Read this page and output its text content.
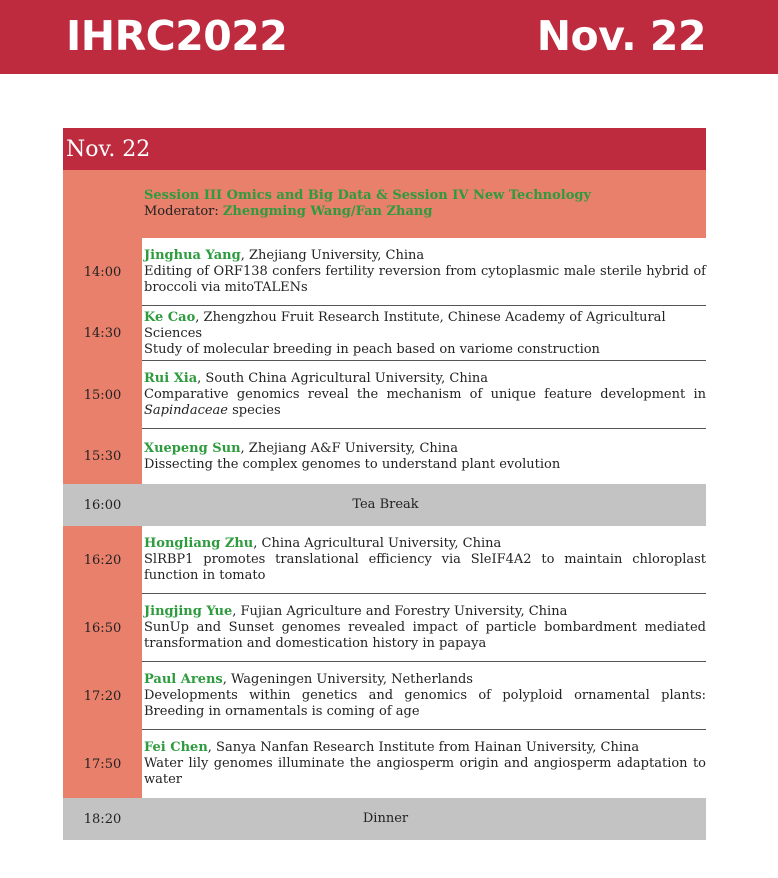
IHRC2022	Nov. 22
Nov. 22
Session III Omics and Big Data & Session IV New Technology
Moderator: Zhengming Wang/Fan Zhang
14:00
Jinghua Yang, Zhejiang University, China
Editing of ORF138 confers fertility reversion from cytoplasmic male sterile hybrid of broccoli via mitoTALENs
14:30
Ke Cao, Zhengzhou Fruit Research Institute, Chinese Academy of Agricultural Sciences
Study of molecular breeding in peach based on variome construction
15:00
Rui Xia, South China Agricultural University, China
Comparative genomics reveal the mechanism of unique feature development in Sapindaceae species
15:30
Xuepeng Sun, Zhejiang A&F University, China
Dissecting the complex genomes to understand plant evolution
16:00	Tea Break
16:20
Hongliang Zhu, China Agricultural University, China
SlRBP1 promotes translational efficiency via SleIF4A2 to maintain chloroplast function in tomato
16:50
Jingjing Yue, Fujian Agriculture and Forestry University, China
SunUp and Sunset genomes revealed impact of particle bombardment mediated transformation and domestication history in papaya
17:20
Paul Arens, Wageningen University, Netherlands
Developments within genetics and genomics of polyploid ornamental plants: Breeding in ornamentals is coming of age
17:50
Fei Chen, Sanya Nanfan Research Institute from Hainan University, China
Water lily genomes illuminate the angiosperm origin and angiosperm adaptation to water
18:20	Dinner
